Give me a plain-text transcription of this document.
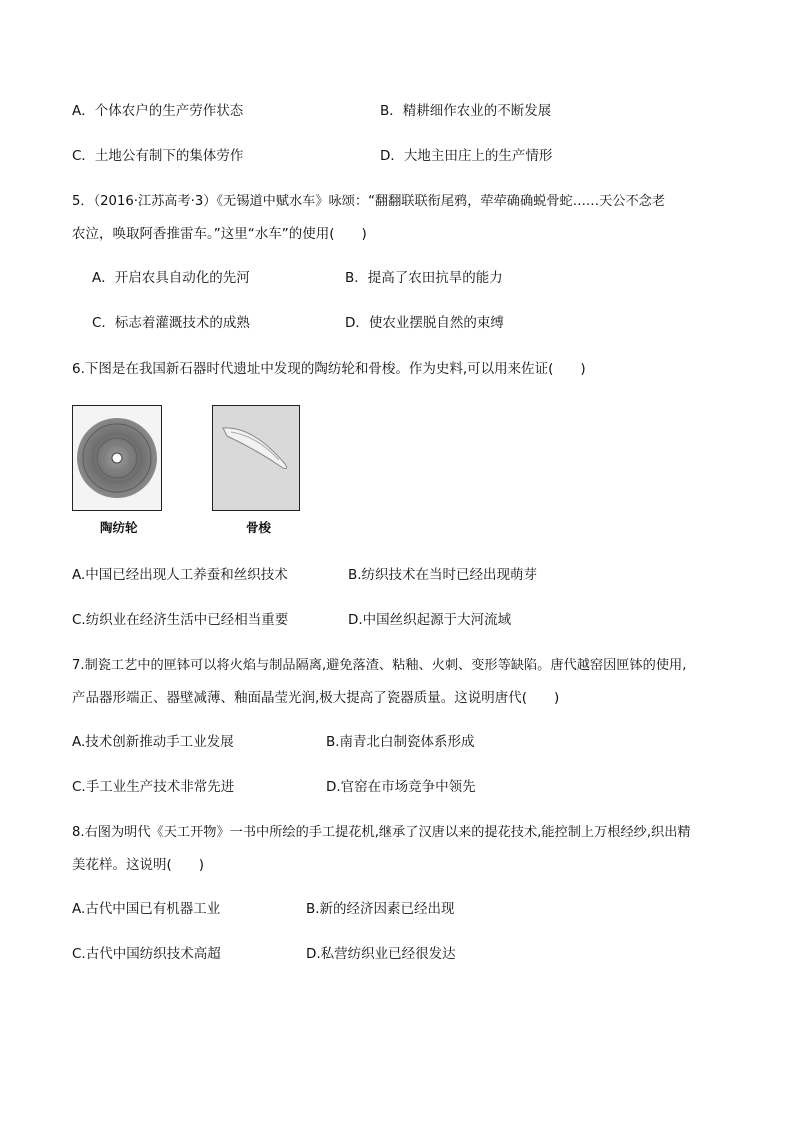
A．个体农户的生产劳作状态	B．精耕细作农业的不断发展
C．土地公有制下的集体劳作	D．大地主田庄上的生产情形
5．（2016·江苏高考·3）《无锡道中赋水车》咏颂：“翻翻联联衔尾鸦，荦荦确确蜕骨蛇……天公不念老
农泣，唤取阿香推雷车。”这里“水车”的使用(　　)
A．开启农具自动化的先河	B．提高了农田抗旱的能力
C．标志着灌溉技术的成熟	D．使农业摆脱自然的束缚
6.下图是在我国新石器时代遗址中发现的陶纺轮和骨梭。作为史料,可以用来佐证(　　)
陶纺轮	骨梭
A.中国已经出现人工养蚕和丝织技术	B.纺织技术在当时已经出现萌芽
C.纺织业在经济生活中已经相当重要	D.中国丝织起源于大河流域
7.制瓷工艺中的匣钵可以将火焰与制品隔离,避免落渣、粘釉、火刺、变形等缺陷。唐代越窑因匣钵的使用,
产品器形端正、器壁减薄、釉面晶莹光润,极大提高了瓷器质量。这说明唐代(　　)
A.技术创新推动手工业发展	B.南青北白制瓷体系形成
C.手工业生产技术非常先进	D.官窑在市场竞争中领先
8.右图为明代《天工开物》一书中所绘的手工提花机,继承了汉唐以来的提花技术,能控制上万根经纱,织出精
美花样。这说明(　　)
A.古代中国已有机器工业	B.新的经济因素已经出现
C.古代中国纺织技术高超	D.私营纺织业已经很发达
